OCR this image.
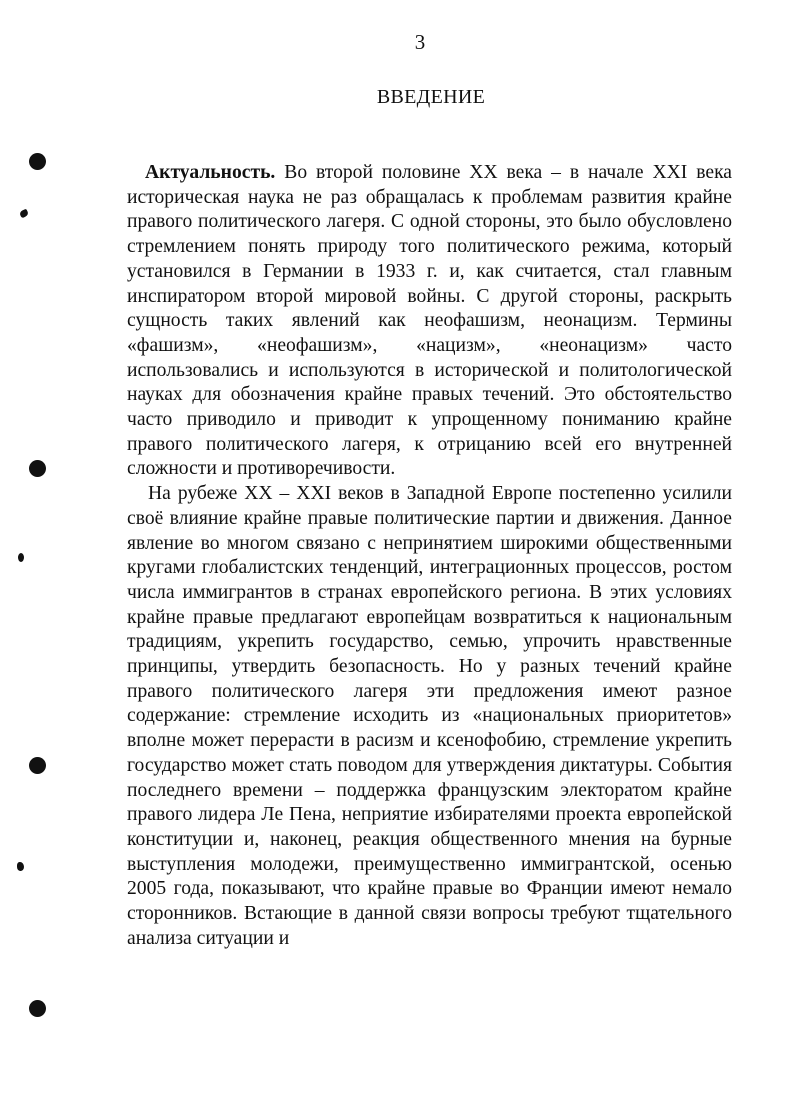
3
ВВЕДЕНИЕ

Актуальность. Во второй половине XX века – в начале XXI века историческая наука не раз обращалась к проблемам развития крайне правого политического лагеря. С одной стороны, это было обусловлено стремлением понять природу того политического режима, который установился в Германии в 1933 г. и, как считается, стал главным инспиратором второй мировой войны. С другой стороны, раскрыть сущность таких явлений как неофашизм, неонацизм. Термины «фашизм», «неофашизм», «нацизм», «неонацизм» часто использовались и используются в исторической и политологической науках для обозначения крайне правых течений. Это обстоятельство часто приводило и приводит к упрощенному пониманию крайне правого политического лагеря, к отрицанию всей его внутренней сложности и противоречивости.

На рубеже XX – XXI веков в Западной Европе постепенно усилили своё влияние крайне правые политические партии и движения. Данное явление во многом связано с непринятием широкими общественными кругами глобалистских тенденций, интеграционных процессов, ростом числа иммигрантов в странах европейского региона. В этих условиях крайне правые предлагают европейцам возвратиться к национальным традициям, укрепить государство, семью, упрочить нравственные принципы, утвердить безопасность. Но у разных течений крайне правого политического лагеря эти предложения имеют разное содержание: стремление исходить из «национальных приоритетов» вполне может перерасти в расизм и ксенофобию, стремление укрепить государство может стать поводом для утверждения диктатуры. События последнего времени – поддержка французским электоратом крайне правого лидера Ле Пена, неприятие избирателями проекта европейской конституции и, наконец, реакция общественного мнения на бурные выступления молодежи, преимущественно иммигрантской, осенью 2005 года, показывают, что крайне правые во Франции имеют немало сторонников. Встающие в данной связи вопросы требуют тщательного анализа ситуации и
